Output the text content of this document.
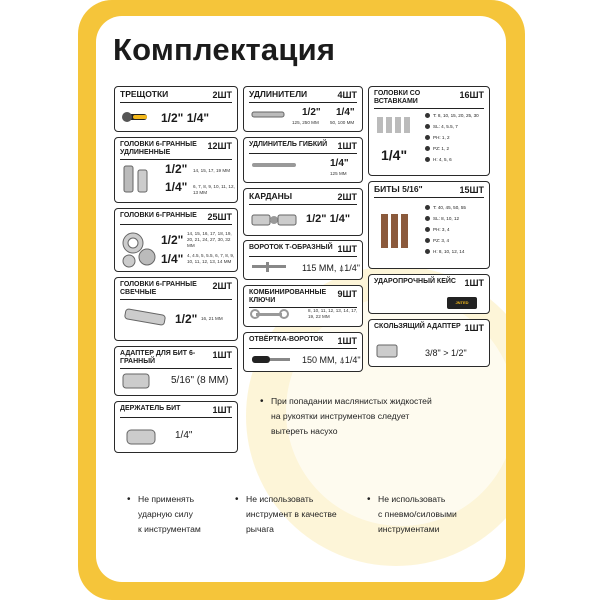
Комплектация
ТРЕЩОТКИ	2ШТ
1/2" 1/4"
ГОЛОВКИ 6-ГРАННЫЕ УДЛИНЕННЫЕ
12ШТ
1/2" 14, 15, 17, 19 ММ
1/4" 6, 7, 8, 9, 10, 11, 12, 13 ММ
ГОЛОВКИ 6-ГРАННЫЕ 25ШТ
1/2" 14, 15, 16, 17, 18, 19, 20, 21, 24, 27, 30, 32 ММ
1/4" 4, 4.5, 5, 5.5, 6, 7, 8, 9, 10, 11, 12, 13, 14 ММ
ГОЛОВКИ 6-ГРАННЫЕ СВЕЧНЫЕ
2ШТ
1/2" 16, 21 ММ
АДАПТЕР ДЛЯ БИТ 6-ГРАННЫЙ
1ШТ
5/16" (8 ММ)
ДЕРЖАТЕЛЬ БИТ	1ШТ
1/4"
УДЛИНИТЕЛИ	4ШТ
1/2"
125, 250 ММ
1/4"
50, 100 ММ
УДЛИНИТЕЛЬ ГИБКИЙ 1ШТ
1/4"
125 ММ
КАРДАНЫ	2ШТ
1/2" 1/4"
ВОРОТОК Т-ОБРАЗНЫЙ 1ШТ
115 ММ, ⍋1/4"
КОМБИНИРОВАННЫЕ КЛЮЧИ
9ШТ
8, 10, 11, 12, 13, 14, 17, 19, 22 ММ
ОТВЁРТКА-ВОРОТОК 1ШТ
150 ММ, ⍋1/4"
ГОЛОВКИ СО ВСТАВКАМИ
16ШТ
1/4"
T: 8, 10, 15, 20, 25, 30
SL: 4, 5.5, 7
PH: 1, 2
PZ: 1, 2
H: 4, 5, 6
БИТЫ 5/16"	15ШТ
T: 40, 45, 50, 55
SL: 8, 10, 12
PH: 3, 4
PZ: 3, 4
H: 8, 10, 12, 14
УДАРОПРОЧНЫЙ КЕЙС 1ШТ
JNTED
СКОЛЬЗЯЩИЙ АДАПТЕР 1ШТ
3/8" > 1/2"
• При попадании маслянистых жидкостей
на рукоятки инструментов следует
вытереть насухо
• Не применять
ударную силу
к инструментам
• Не использовать
инструмент в качестве
рычага
• Не использовать
с пневмо/силовыми
инструментами
